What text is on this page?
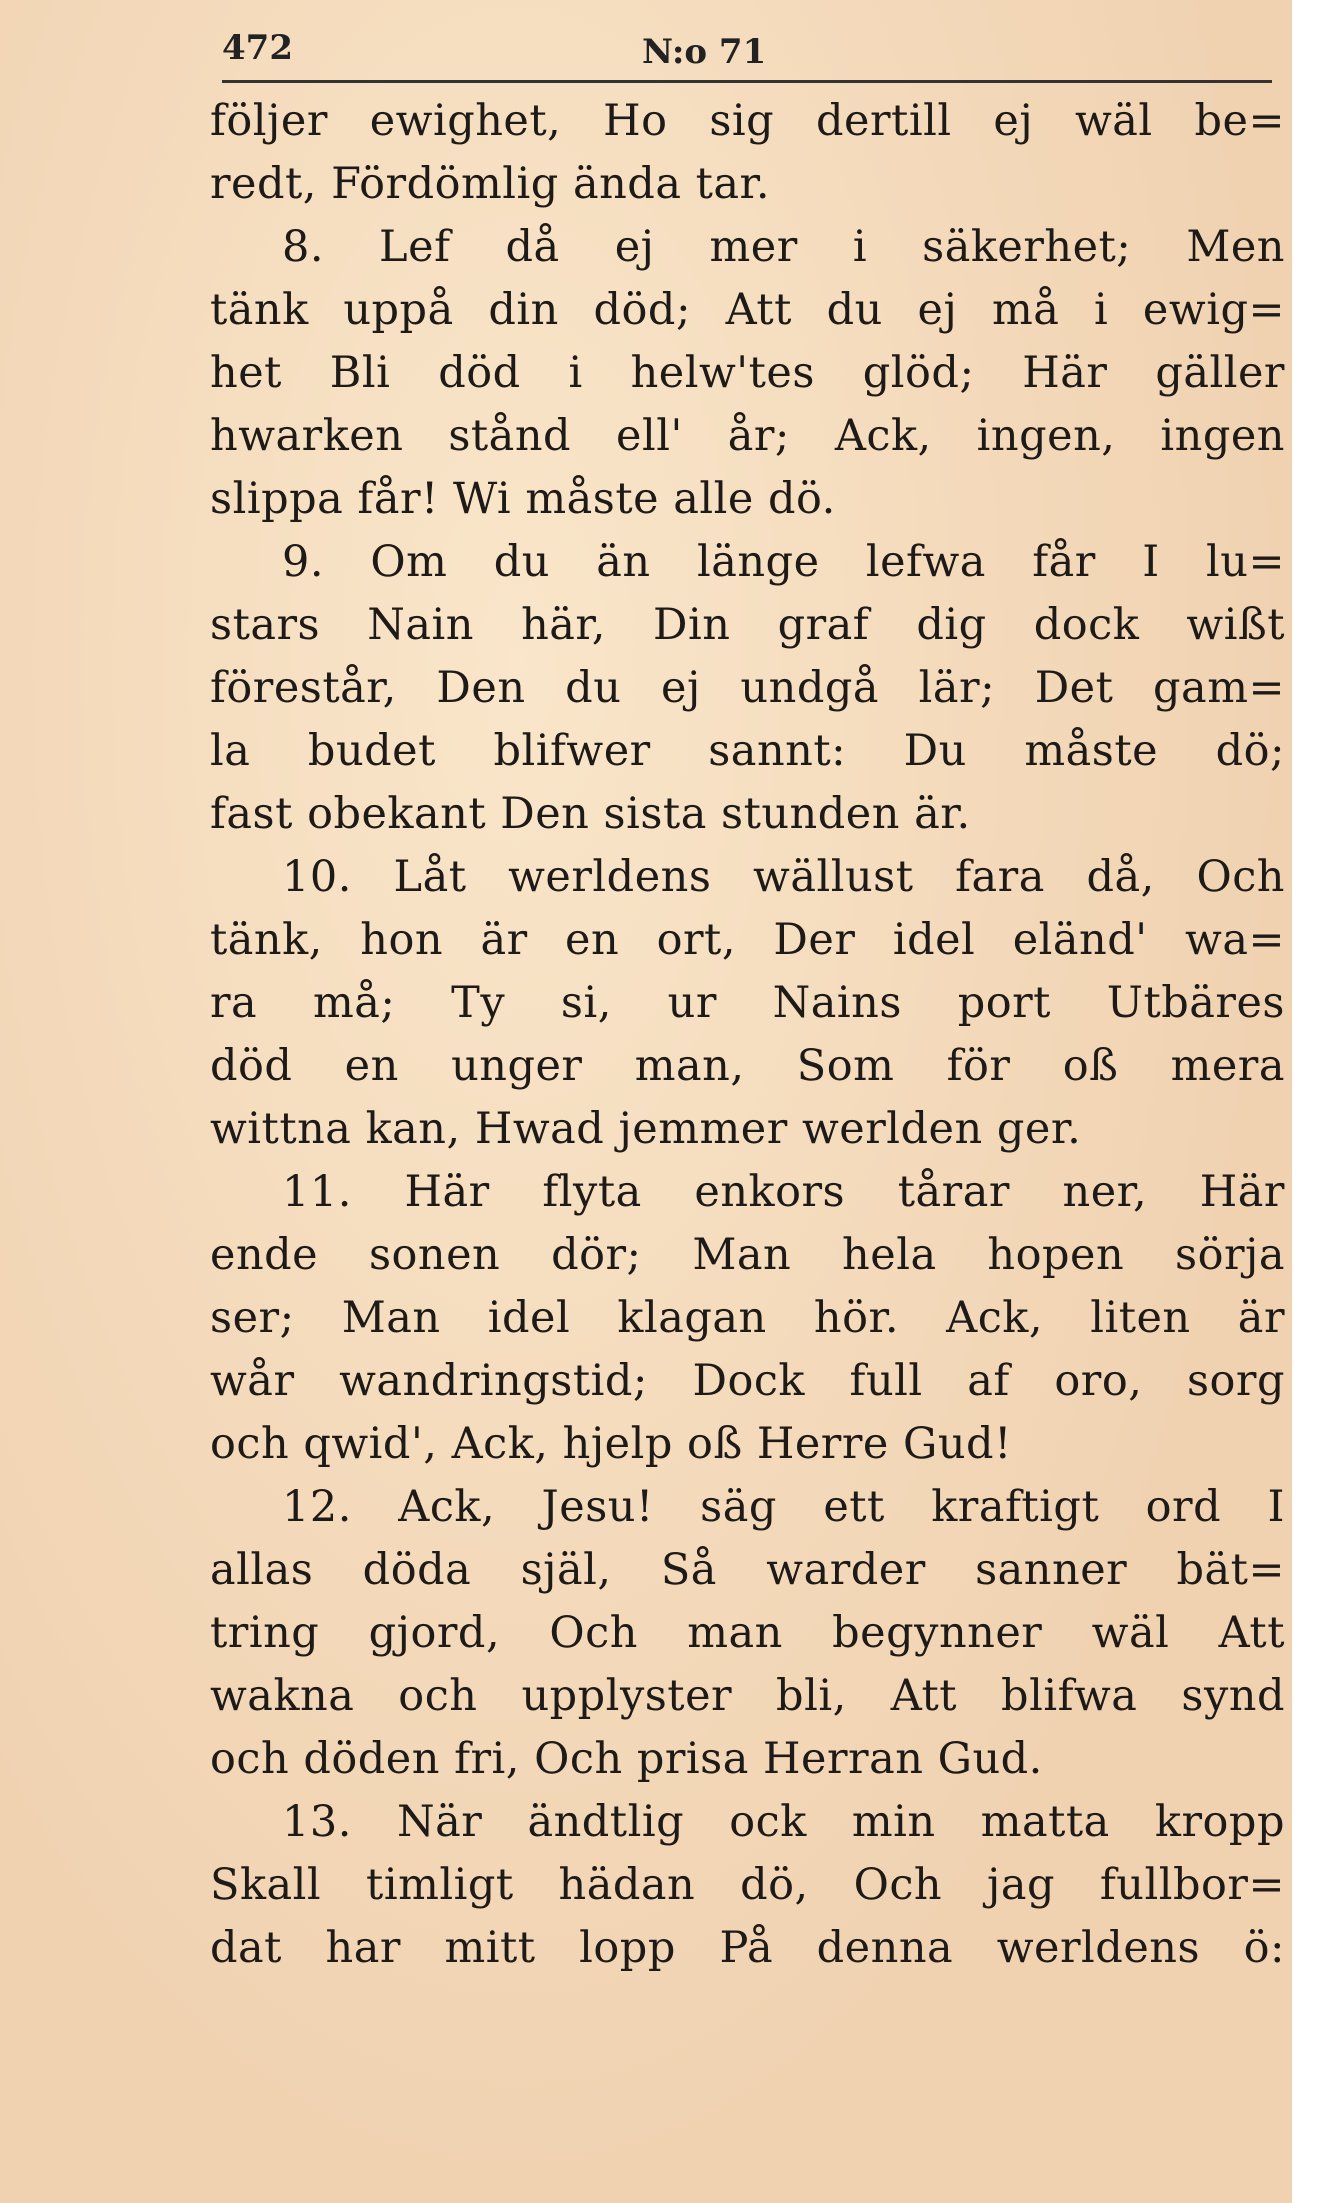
472	N:o 71
följer ewighet, Ho sig dertill ej wäl be=
redt, Fördömlig ända tar.
8. Lef då ej mer i säkerhet; Men
tänk uppå din död; Att du ej må i ewig=
het Bli död i helw'tes glöd; Här gäller
hwarken stånd ell' år; Ack, ingen, ingen
slippa får! Wi måste alle dö.
9. Om du än länge lefwa får I lu=
stars Nain här, Din graf dig dock wißt
förestår, Den du ej undgå lär; Det gam=
la budet blifwer sannt: Du måste dö;
fast obekant Den sista stunden är.
10. Låt werldens wällust fara då, Och
tänk, hon är en ort, Der idel eländ' wa=
ra må; Ty si, ur Nains port Utbäres
död en unger man, Som för oß mera
wittna kan, Hwad jemmer werlden ger.
11. Här flyta enkors tårar ner, Här
ende sonen dör; Man hela hopen sörja
ser; Man idel klagan hör. Ack, liten är
wår wandringstid; Dock full af oro, sorg
och qwid', Ack, hjelp oß Herre Gud!
12. Ack, Jesu! säg ett kraftigt ord I
allas döda själ, Så warder sanner bät=
tring gjord, Och man begynner wäl Att
wakna och upplyster bli, Att blifwa synd
och döden fri, Och prisa Herran Gud.
13. När ändtlig ock min matta kropp
Skall timligt hädan dö, Och jag fullbor=
dat har mitt lopp På denna werldens ö:
